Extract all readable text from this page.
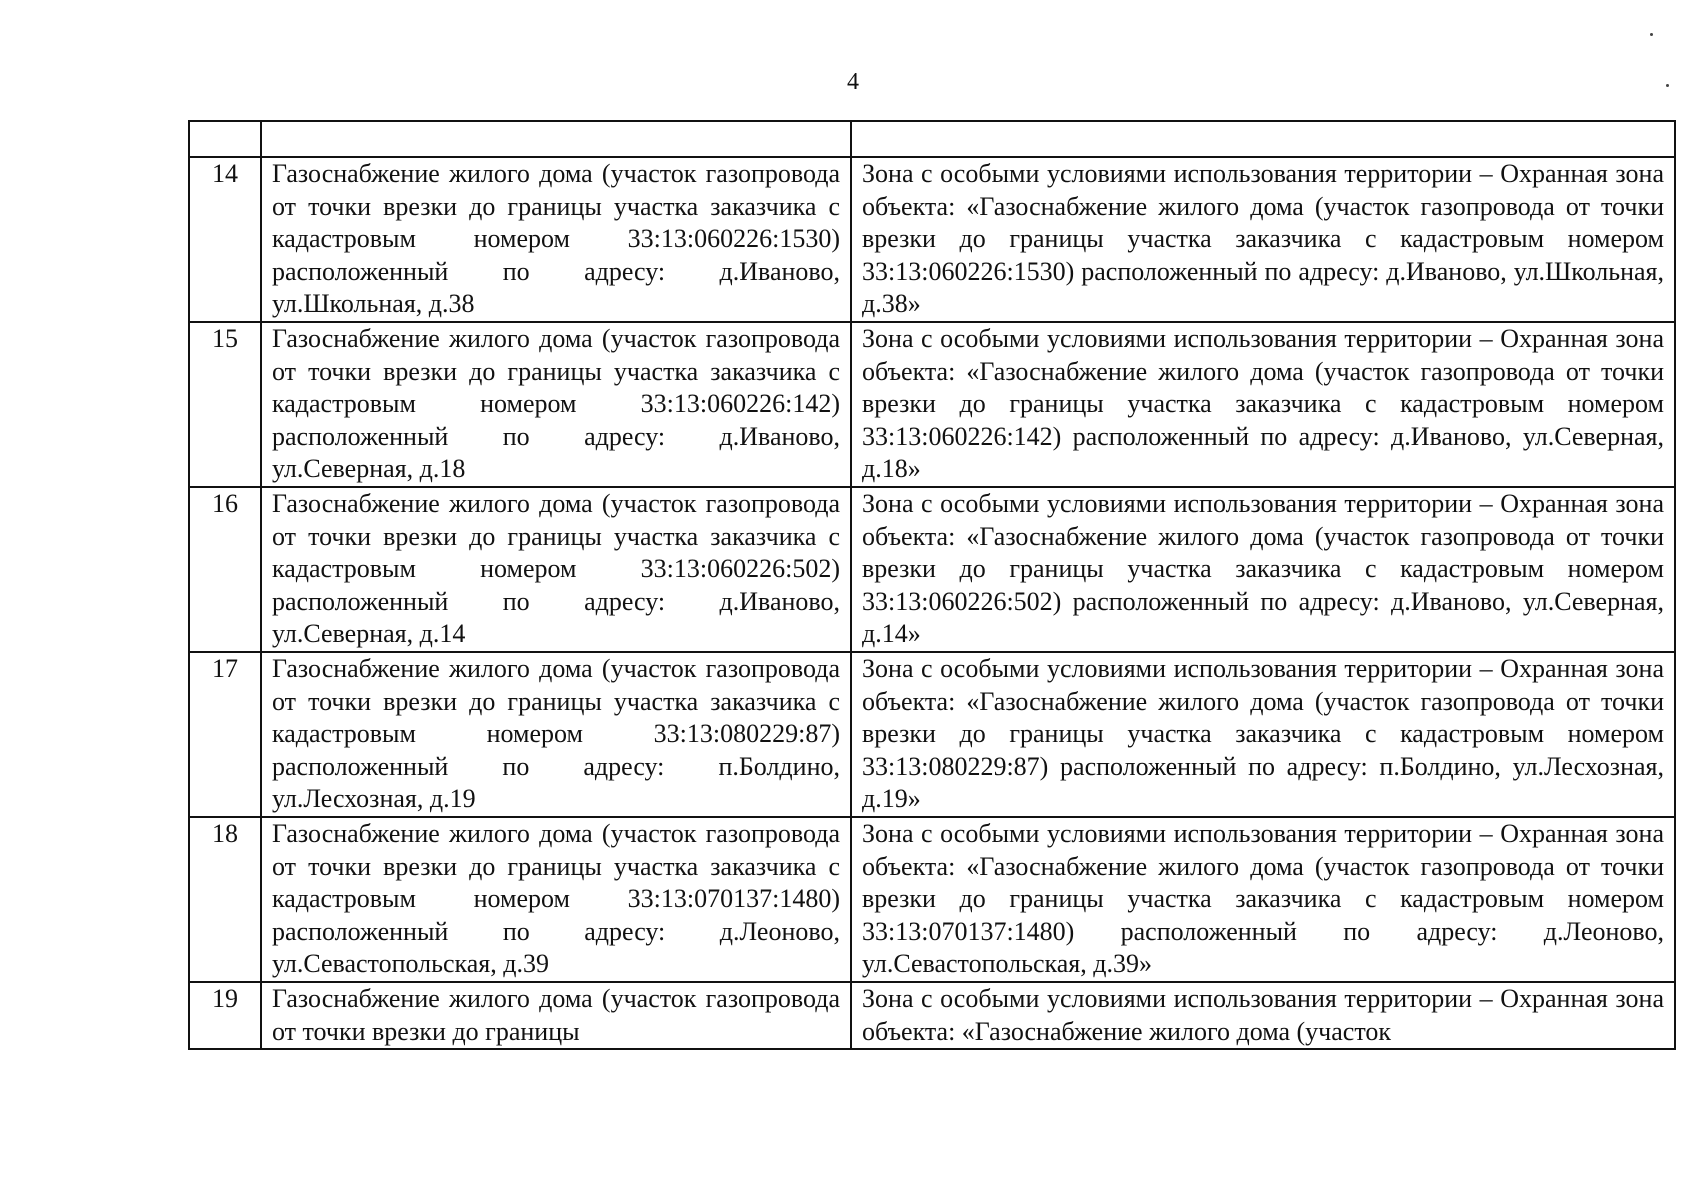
4

14	Газоснабжение жилого дома (участок газопровода от точки врезки до границы участка заказчика с кадастровым номером 33:13:060226:1530) расположенный по адресу: д.Иваново, ул.Школьная, д.38	Зона с особыми условиями использования территории – Охранная зона объекта: «Газоснабжение жилого дома (участок газопровода от точки врезки до границы участка заказчика с кадастровым номером 33:13:060226:1530) расположенный по адресу: д.Иваново, ул.Школьная, д.38»
15	Газоснабжение жилого дома (участок газопровода от точки врезки до границы участка заказчика с кадастровым номером 33:13:060226:142) расположенный по адресу: д.Иваново, ул.Северная, д.18	Зона с особыми условиями использования территории – Охранная зона объекта: «Газоснабжение жилого дома (участок газопровода от точки врезки до границы участка заказчика с кадастровым номером 33:13:060226:142) расположенный по адресу: д.Иваново, ул.Северная, д.18»
16	Газоснабжение жилого дома (участок газопровода от точки врезки до границы участка заказчика с кадастровым номером 33:13:060226:502) расположенный по адресу: д.Иваново, ул.Северная, д.14	Зона с особыми условиями использования территории – Охранная зона объекта: «Газоснабжение жилого дома (участок газопровода от точки врезки до границы участка заказчика с кадастровым номером 33:13:060226:502) расположенный по адресу: д.Иваново, ул.Северная, д.14»
17	Газоснабжение жилого дома (участок газопровода от точки врезки до границы участка заказчика с кадастровым номером 33:13:080229:87) расположенный по адресу: п.Болдино, ул.Лесхозная, д.19	Зона с особыми условиями использования территории – Охранная зона объекта: «Газоснабжение жилого дома (участок газопровода от точки врезки до границы участка заказчика с кадастровым номером 33:13:080229:87) расположенный по адресу: п.Болдино, ул.Лесхозная, д.19»
18	Газоснабжение жилого дома (участок газопровода от точки врезки до границы участка заказчика с кадастровым номером 33:13:070137:1480) расположенный по адресу: д.Леоново, ул.Севастопольская, д.39	Зона с особыми условиями использования территории – Охранная зона объекта: «Газоснабжение жилого дома (участок газопровода от точки врезки до границы участка заказчика с кадастровым номером 33:13:070137:1480) расположенный по адресу: д.Леоново, ул.Севастопольская, д.39»
19	Газоснабжение жилого дома (участок газопровода от точки врезки до границы	Зона с особыми условиями использования территории – Охранная зона объекта: «Газоснабжение жилого дома (участок
